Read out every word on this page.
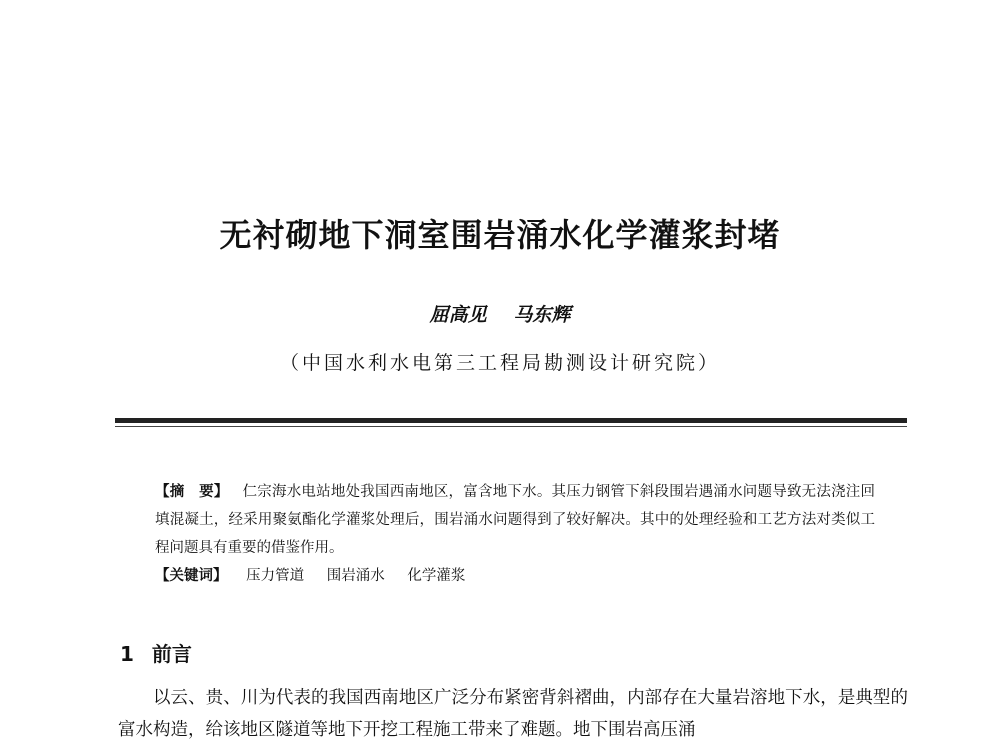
无衬砌地下洞室围岩涌水化学灌浆封堵
屈高见 马东辉
（中国水利水电第三工程局勘测设计研究院）

【摘　要】 仁宗海水电站地处我国西南地区，富含地下水。其压力钢管下斜段围岩遇涌水问题导致无法浇注回填混凝土，经采用聚氨酯化学灌浆处理后，围岩涌水问题得到了较好解决。其中的处理经验和工艺方法对类似工程问题具有重要的借鉴作用。

【关键词】 压力管道 围岩涌水 化学灌浆
1 前言

以云、贵、川为代表的我国西南地区广泛分布紧密背斜褶曲，内部存在大量岩溶地下水，是典型的富水构造，给该地区隧道等地下开挖工程施工带来了难题。地下围岩高压涌
